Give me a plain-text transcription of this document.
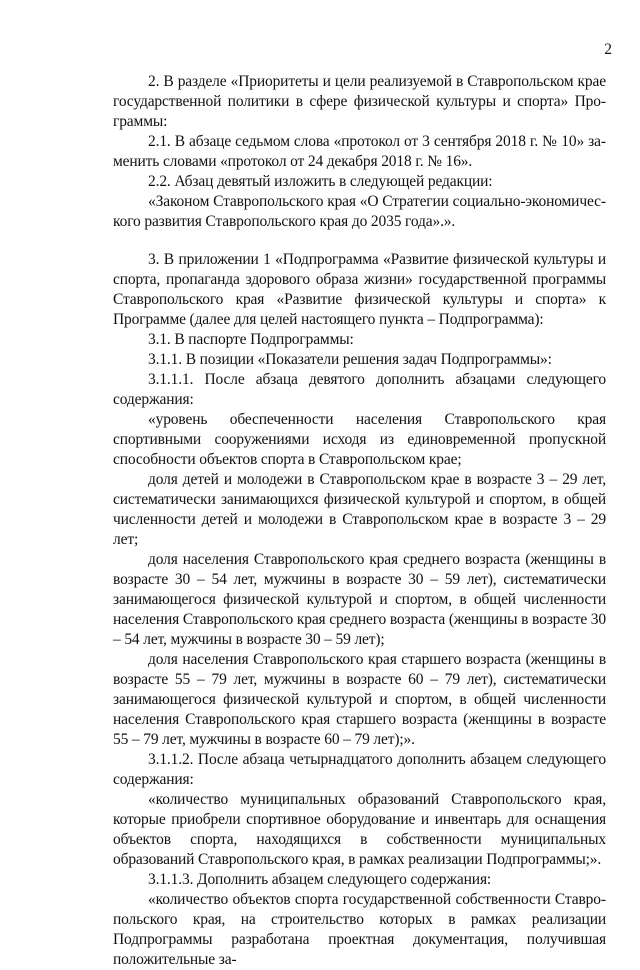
2

2. В разделе «Приоритеты и цели реализуемой в Ставропольском крае государственной политики в сфере физической культуры и спорта» Программы:

2.1. В абзаце седьмом слова «протокол от 3 сентября 2018 г. № 10» заменить словами «протокол от 24 декабря 2018 г. № 16».

2.2. Абзац девятый изложить в следующей редакции:

«Законом Ставропольского края «О Стратегии социально-экономического развития Ставропольского края до 2035 года».».

3. В приложении 1 «Подпрограмма «Развитие физической культуры и спорта, пропаганда здорового образа жизни» государственной программы Ставропольского края «Развитие физической культуры и спорта» к Программе (далее для целей настоящего пункта – Подпрограмма):

3.1. В паспорте Подпрограммы:

3.1.1. В позиции «Показатели решения задач Подпрограммы»:

3.1.1.1. После абзаца девятого дополнить абзацами следующего содержания:

«уровень обеспеченности населения Ставропольского края спортивными сооружениями исходя из единовременной пропускной способности объектов спорта в Ставропольском крае;

доля детей и молодежи в Ставропольском крае в возрасте 3 – 29 лет, систематически занимающихся физической культурой и спортом, в общей численности детей и молодежи в Ставропольском крае в возрасте 3 – 29 лет;

доля населения Ставропольского края среднего возраста (женщины в возрасте 30 – 54 лет, мужчины в возрасте 30 – 59 лет), систематически занимающегося физической культурой и спортом, в общей численности населения Ставропольского края среднего возраста (женщины в возрасте 30 – 54 лет, мужчины в возрасте 30 – 59 лет);

доля населения Ставропольского края старшего возраста (женщины в возрасте 55 – 79 лет, мужчины в возрасте 60 – 79 лет), систематически занимающегося физической культурой и спортом, в общей численности населения Ставропольского края старшего возраста (женщины в возрасте 55 – 79 лет, мужчины в возрасте 60 – 79 лет);».

3.1.1.2. После абзаца четырнадцатого дополнить абзацем следующего содержания:

«количество муниципальных образований Ставропольского края, которые приобрели спортивное оборудование и инвентарь для оснащения объектов спорта, находящихся в собственности муниципальных образований Ставропольского края, в рамках реализации Подпрограммы;».

3.1.1.3. Дополнить абзацем следующего содержания:

«количество объектов спорта государственной собственности Ставропольского края, на строительство которых в рамках реализации Подпрограммы разработана проектная документация, получившая положительные за-
